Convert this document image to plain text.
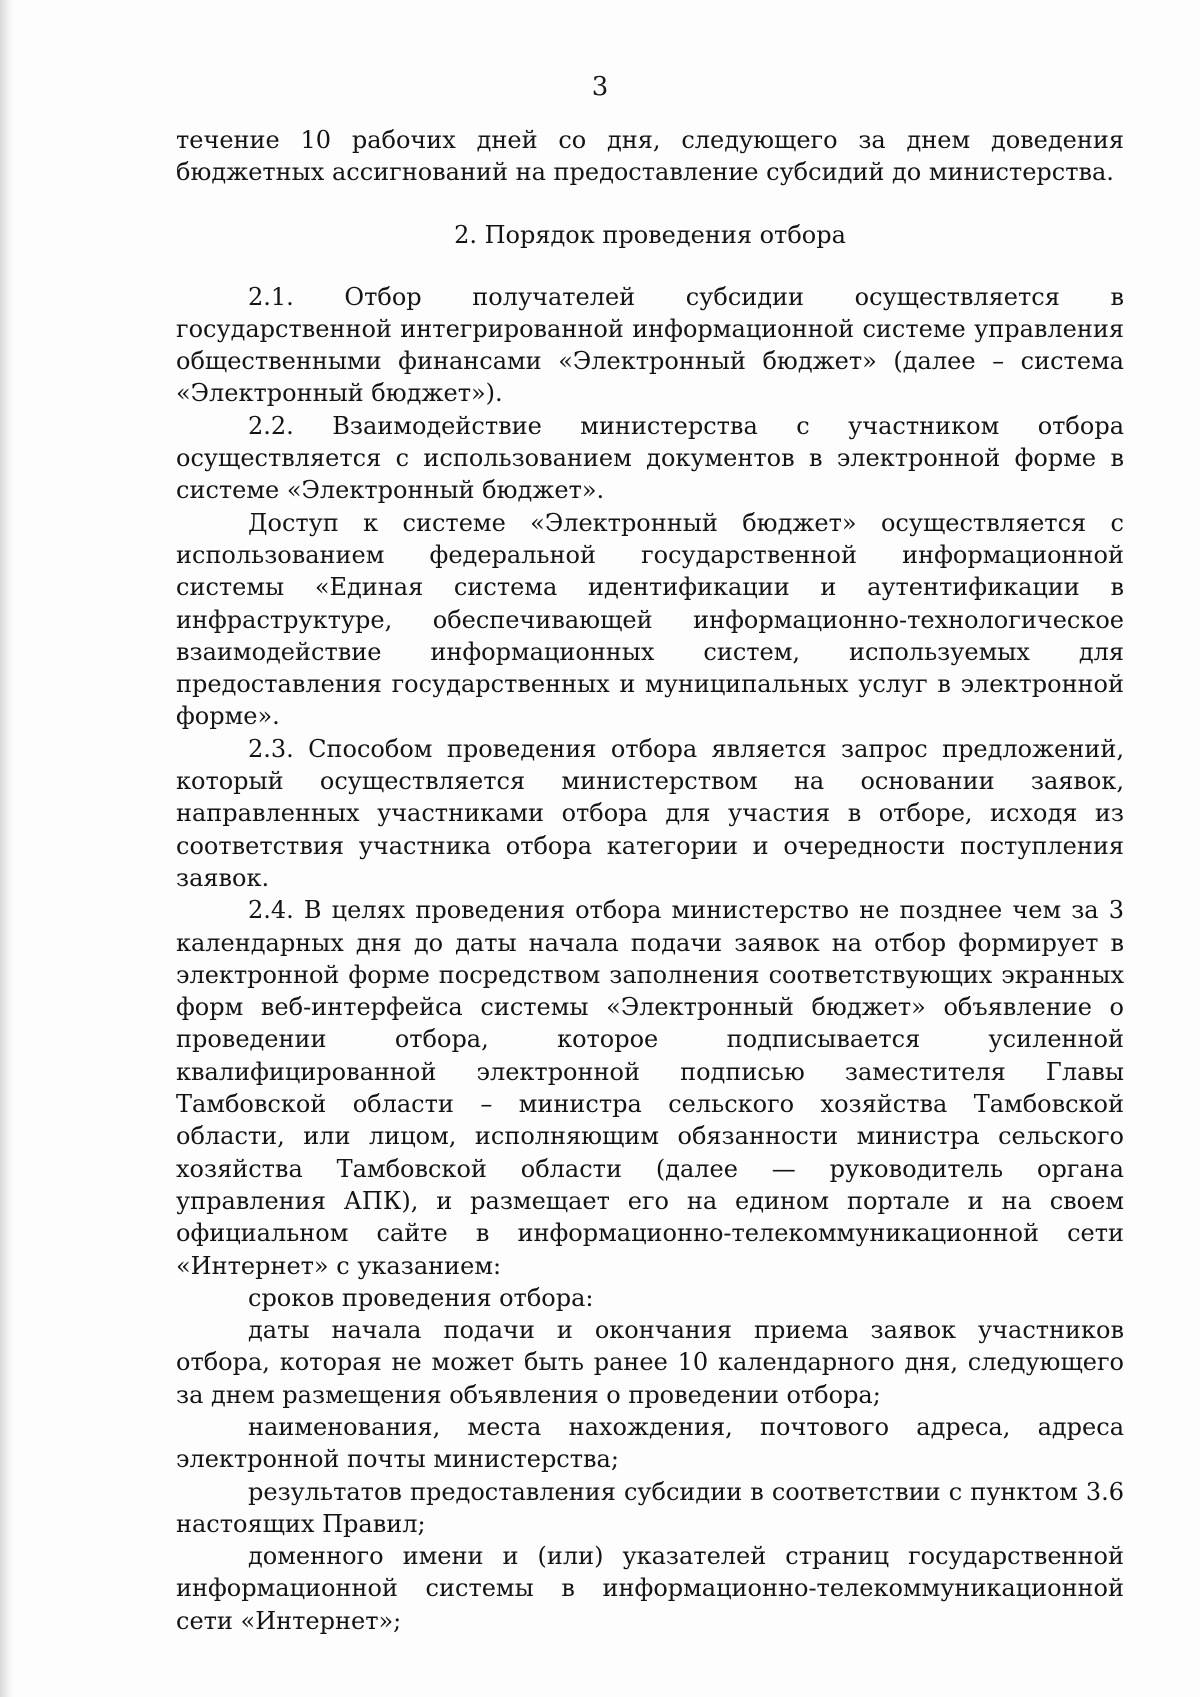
3

течение 10 рабочих дней со дня, следующего за днем доведения бюджетных ассигнований на предоставление субсидий до министерства.

2. Порядок проведения отбора

2.1. Отбор получателей субсидии осуществляется в государственной интегрированной информационной системе управления общественными финансами «Электронный бюджет» (далее – система «Электронный бюджет»).

2.2. Взаимодействие министерства с участником отбора осуществляется с использованием документов в электронной форме в системе «Электронный бюджет».

Доступ к системе «Электронный бюджет» осуществляется с использованием федеральной государственной информационной системы «Единая система идентификации и аутентификации в инфраструктуре, обеспечивающей информационно-технологическое взаимодействие информационных систем, используемых для предоставления государственных и муниципальных услуг в электронной форме».

2.3. Способом проведения отбора является запрос предложений, который осуществляется министерством на основании заявок, направленных участниками отбора для участия в отборе, исходя из соответствия участника отбора категории и очередности поступления заявок.

2.4. В целях проведения отбора министерство не позднее чем за 3 календарных дня до даты начала подачи заявок на отбор формирует в электронной форме посредством заполнения соответствующих экранных форм веб-интерфейса системы «Электронный бюджет» объявление о проведении отбора, которое подписывается усиленной квалифицированной электронной подписью заместителя Главы Тамбовской области – министра сельского хозяйства Тамбовской области, или лицом, исполняющим обязанности министра сельского хозяйства Тамбовской области (далее — руководитель органа управления АПК), и размещает его на едином портале и на своем официальном сайте в информационно-телекоммуникационной сети «Интернет» с указанием:

сроков проведения отбора:

даты начала подачи и окончания приема заявок участников отбора, которая не может быть ранее 10 календарного дня, следующего за днем размещения объявления о проведении отбора;

наименования, места нахождения, почтового адреса, адреса электронной почты министерства;

результатов предоставления субсидии в соответствии с пунктом 3.6 настоящих Правил;

доменного имени и (или) указателей страниц государственной информационной системы в информационно-телекоммуникационной сети «Интернет»;
